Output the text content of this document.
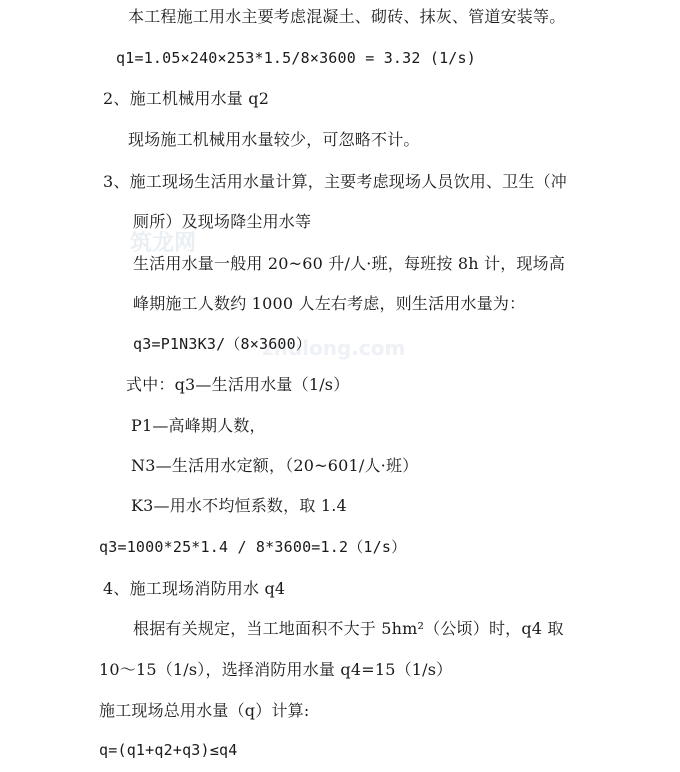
筑龙网
zhulong.com
本工程施工用水主要考虑混凝土、砌砖、抹灰、管道安装等。
q1=1.05×240×253*1.5/8×3600 = 3.32 (1/s)
2、施工机械用水量 q2
现场施工机械用水量较少，可忽略不计。
3、施工现场生活用水量计算，主要考虑现场人员饮用、卫生（冲
厕所）及现场降尘用水等
生活用水量一般用 20~60 升/人·班，每班按 8h 计，现场高
峰期施工人数约 1000 人左右考虑，则生活用水量为：
q3=P1N3K3/（8×3600）
式中：q3—生活用水量（1/s）
P1—高峰期人数，
N3—生活用水定额，（20~601/人·班）
K3—用水不均恒系数，取 1.4
q3=1000*25*1.4 / 8*3600=1.2（1/s）
4、施工现场消防用水 q4
根据有关规定，当工地面积不大于 5hm²（公顷）时，q4 取
10～15（1/s），选择消防用水量 q4=15（1/s）
施工现场总用水量（q）计算:
q=(q1+q2+q3)≤q4
